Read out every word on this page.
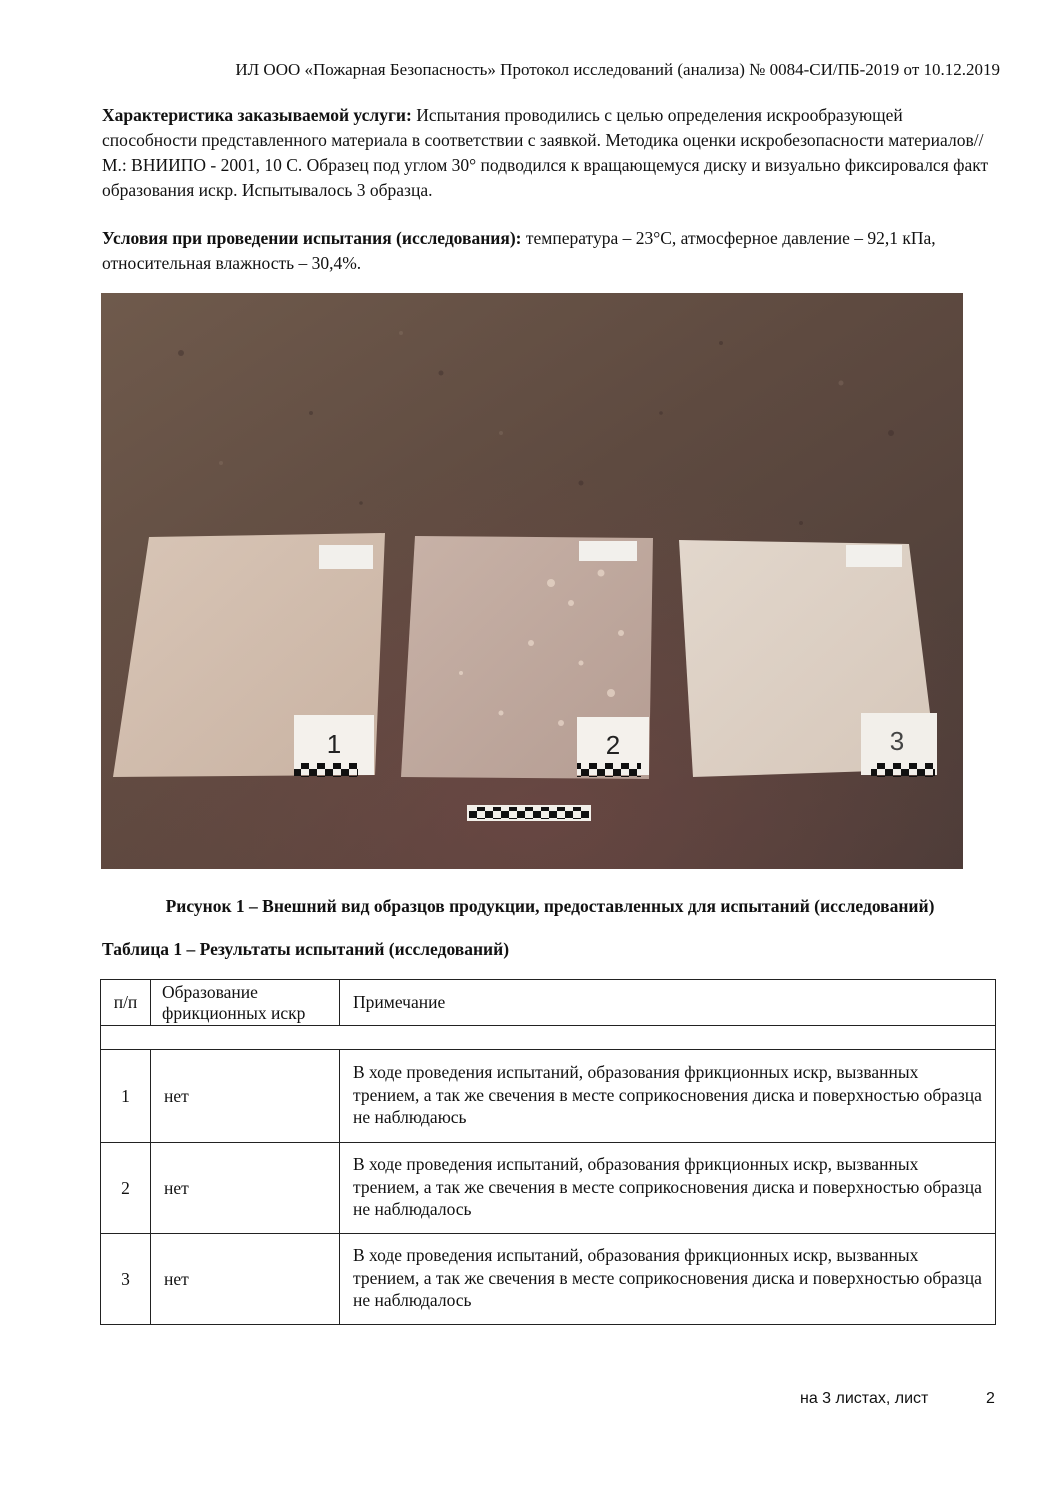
ИЛ ООО «Пожарная Безопасность» Протокол исследований (анализа) № 0084-СИ/ПБ-2019 от 10.12.2019

Характеристика заказываемой услуги: Испытания проводились с целью определения искрообразующей способности представленного материала в соответствии с заявкой. Методика оценки искробезопасности материалов// М.: ВНИИПО - 2001, 10 С. Образец под углом 30° подводился к вращающемуся диску и визуально фиксировался факт образования искр. Испытывалось 3 образца.

Условия при проведении испытания (исследования): температура – 23°С, атмосферное давление – 92,1 кПа, относительная влажность – 30,4%.

1	2	3
Рисунок 1 – Внешний вид образцов продукции, предоставленных для испытаний (исследований)
Таблица 1 – Результаты испытаний (исследований)
п/п	Образование фрикционных искр	Примечание

1	нет	В ходе проведения испытаний, образования фрикционных искр, вызванных трением, а так же свечения в месте соприкосновения диска и поверхностью образца не наблюдаюсь
2	нет	В ходе проведения испытаний, образования фрикционных искр, вызванных трением, а так же свечения в месте соприкосновения диска и поверхностью образца не наблюдалось
3	нет	В ходе проведения испытаний, образования фрикционных искр, вызванных трением, а так же свечения в месте соприкосновения диска и поверхностью образца не наблюдалось
на 3 листах, лист	2
